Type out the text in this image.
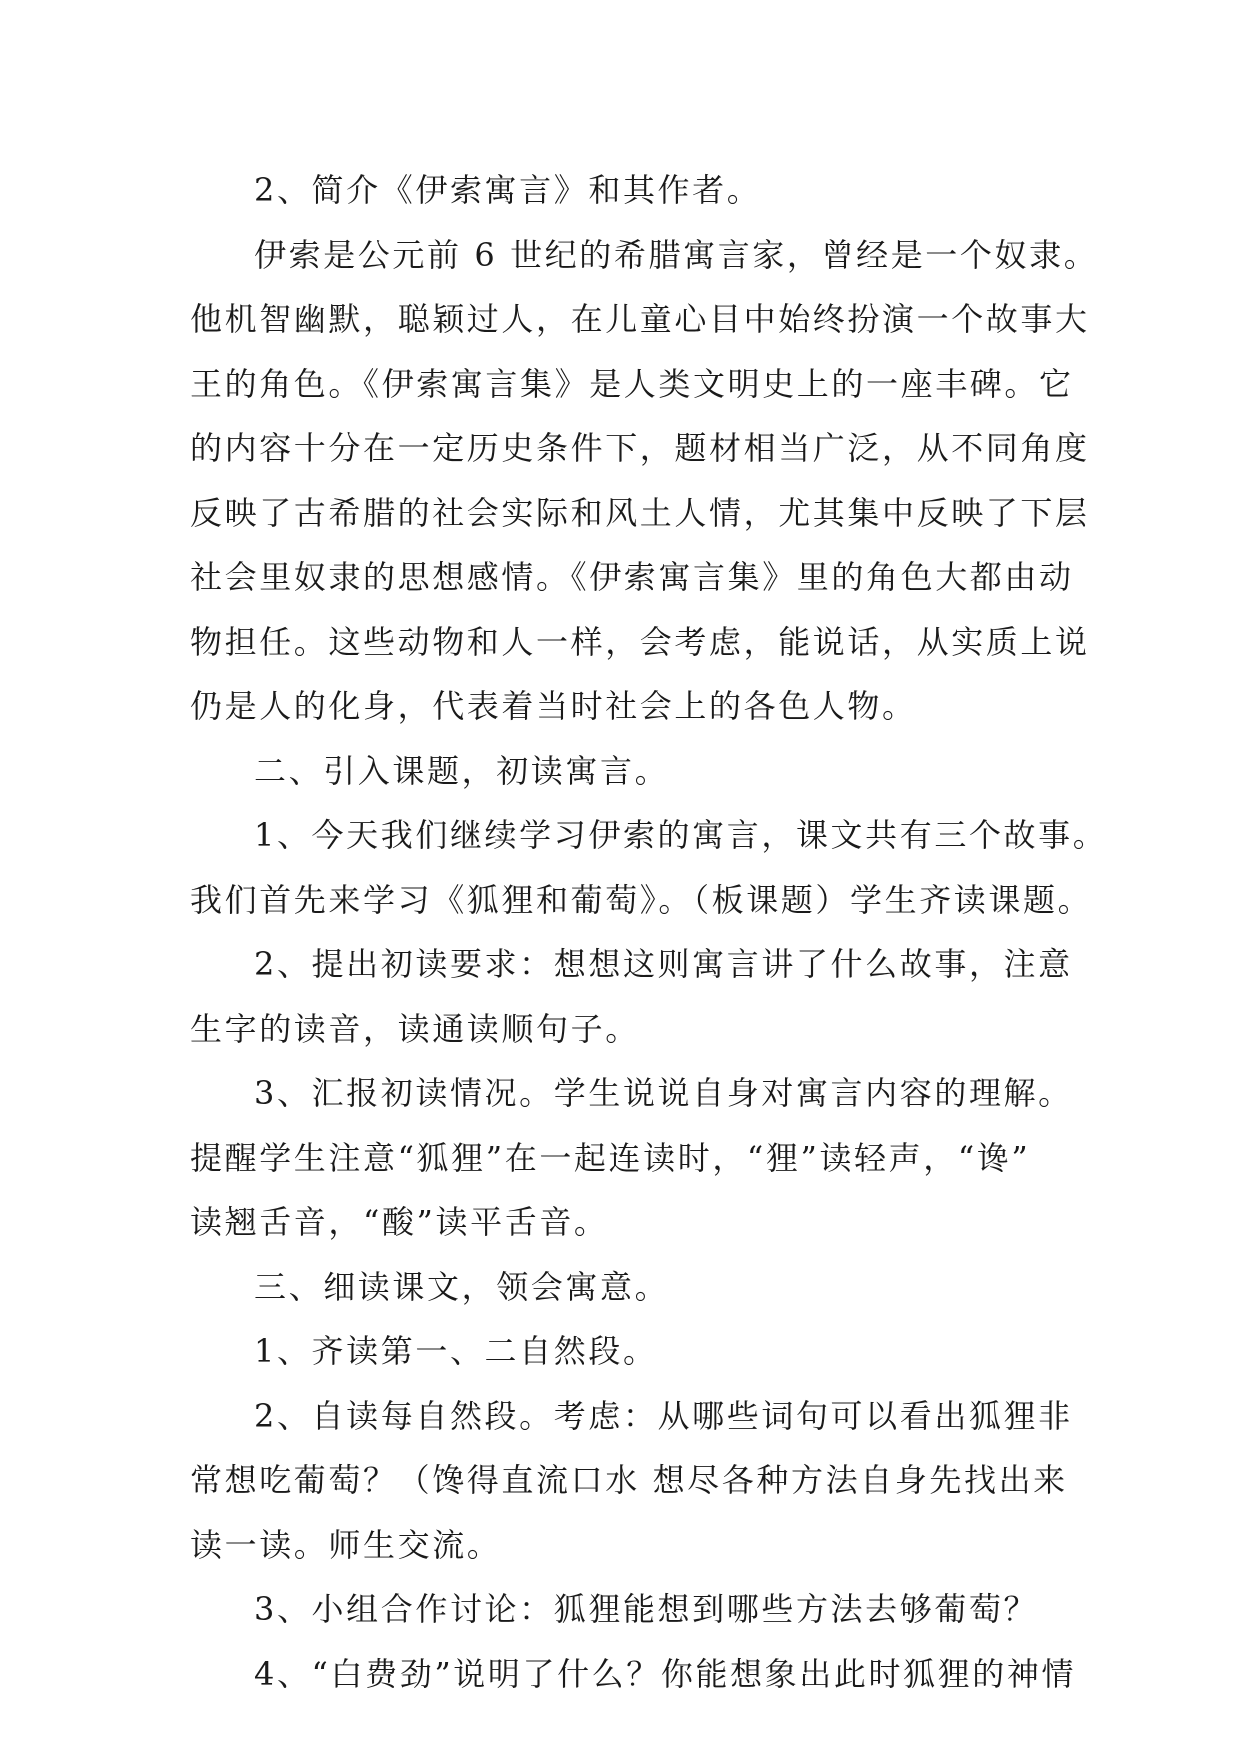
2、简介《伊索寓言》和其作者。
伊索是公元前 6 世纪的希腊寓言家，曾经是一个奴隶。
他机智幽默，聪颖过人，在儿童心目中始终扮演一个故事大
王的角色。《伊索寓言集》是人类文明史上的一座丰碑。它
的内容十分在一定历史条件下，题材相当广泛，从不同角度
反映了古希腊的社会实际和风土人情，尤其集中反映了下层
社会里奴隶的思想感情。《伊索寓言集》里的角色大都由动
物担任。这些动物和人一样，会考虑，能说话，从实质上说
仍是人的化身，代表着当时社会上的各色人物。
二、引入课题，初读寓言。
1、今天我们继续学习伊索的寓言，课文共有三个故事。
我们首先来学习《狐狸和葡萄》。（板课题）学生齐读课题。
2、提出初读要求：想想这则寓言讲了什么故事，注意
生字的读音，读通读顺句子。
3、汇报初读情况。学生说说自身对寓言内容的理解。
提醒学生注意“狐狸”在一起连读时，“狸”读轻声，“谗”
读翘舌音，“酸”读平舌音。
三、细读课文，领会寓意。
1、齐读第一、二自然段。
2、自读每自然段。考虑：从哪些词句可以看出狐狸非
常想吃葡萄？（馋得直流口水 想尽各种方法自身先找出来
读一读。师生交流。
3、小组合作讨论：狐狸能想到哪些方法去够葡萄？
4、“白费劲”说明了什么？你能想象出此时狐狸的神情
